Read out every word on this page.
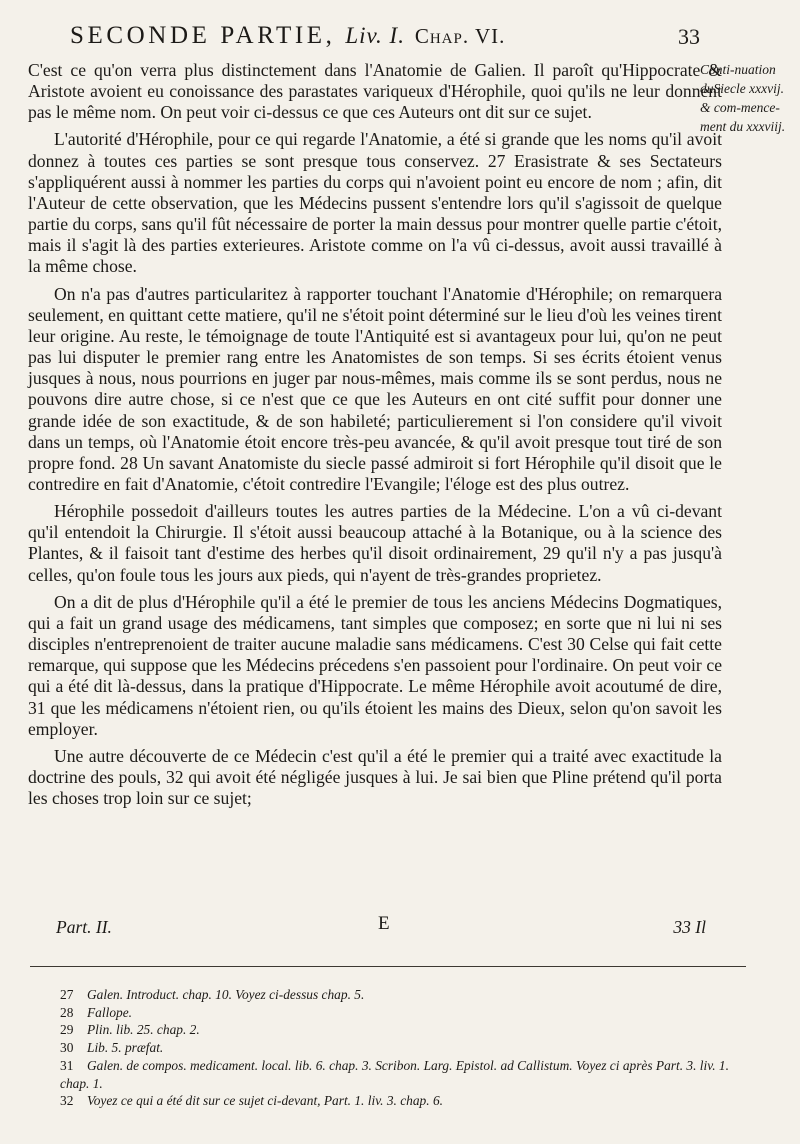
SECONDE PARTIE, Liv. I. Chap. VI.	33
Conti-nuation duSiecle xxxvij. & com-mence-ment du xxxviij.

C'est ce qu'on verra plus distinctement dans l'Anatomie de Galien. Il paroît qu'Hippocrate & Aristote avoient eu conoissance des parastates variqueux d'Hérophile, quoi qu'ils ne leur donnent pas le même nom. On peut voir ci-dessus ce que ces Auteurs ont dit sur ce sujet.

L'autorité d'Hérophile, pour ce qui regarde l'Anatomie, a été si grande que les noms qu'il avoit donnez à toutes ces parties se sont presque tous conservez. 27 Erasistrate & ses Sectateurs s'appliquérent aussi à nommer les parties du corps qui n'avoient point eu encore de nom ; afin, dit l'Auteur de cette observation, que les Médecins pussent s'entendre lors qu'il s'agissoit de quelque partie du corps, sans qu'il fût nécessaire de porter la main dessus pour montrer quelle partie c'étoit, mais il s'agit là des parties exterieures. Aristote comme on l'a vû ci-dessus, avoit aussi travaillé à la même chose.

On n'a pas d'autres particularitez à rapporter touchant l'Anatomie d'Hérophile; on remarquera seulement, en quittant cette matiere, qu'il ne s'étoit point déterminé sur le lieu d'où les veines tirent leur origine. Au reste, le témoignage de toute l'Antiquité est si avantageux pour lui, qu'on ne peut pas lui disputer le premier rang entre les Anatomistes de son temps. Si ses écrits étoient venus jusques à nous, nous pourrions en juger par nous-mêmes, mais comme ils se sont perdus, nous ne pouvons dire autre chose, si ce n'est que ce que les Auteurs en ont cité suffit pour donner une grande idée de son exactitude, & de son habileté; particulierement si l'on considere qu'il vivoit dans un temps, où l'Anatomie étoit encore très-peu avancée, & qu'il avoit presque tout tiré de son propre fond. 28 Un savant Anatomiste du siecle passé admiroit si fort Hérophile qu'il disoit que le contredire en fait d'Anatomie, c'étoit contredire l'Evangile; l'éloge est des plus outrez.

Hérophile possedoit d'ailleurs toutes les autres parties de la Médecine. L'on a vû ci-devant qu'il entendoit la Chirurgie. Il s'étoit aussi beaucoup attaché à la Botanique, ou à la science des Plantes, & il faisoit tant d'estime des herbes qu'il disoit ordinairement, 29 qu'il n'y a pas jusqu'à celles, qu'on foule tous les jours aux pieds, qui n'ayent de très-grandes proprietez.

On a dit de plus d'Hérophile qu'il a été le premier de tous les anciens Médecins Dogmatiques, qui a fait un grand usage des médicamens, tant simples que composez; en sorte que ni lui ni ses disciples n'entreprenoient de traiter aucune maladie sans médicamens. C'est 30 Celse qui fait cette remarque, qui suppose que les Médecins précedens s'en passoient pour l'ordinaire. On peut voir ce qui a été dit là-dessus, dans la pratique d'Hippocrate. Le même Hérophile avoit acoutumé de dire, 31 que les médicamens n'étoient rien, ou qu'ils étoient les mains des Dieux, selon qu'on savoit les employer.

Une autre découverte de ce Médecin c'est qu'il a été le premier qui a traité avec exactitude la doctrine des pouls, 32 qui avoit été négligée jusques à lui. Je sai bien que Pline prétend qu'il porta les choses trop loin sur ce sujet;

Part. II.	E	33 Il
27 Galen. Introduct. chap. 10. Voyez ci-dessus chap. 5.
28 Fallope.
29 Plin. lib. 25. chap. 2.
30 Lib. 5. præfat.
31 Galen. de compos. medicament. local. lib. 6. chap. 3. Scribon. Larg. Epistol. ad Callistum. Voyez ci après Part. 3. liv. 1. chap. 1.
32 Voyez ce qui a été dit sur ce sujet ci-devant, Part. 1. liv. 3. chap. 6.
